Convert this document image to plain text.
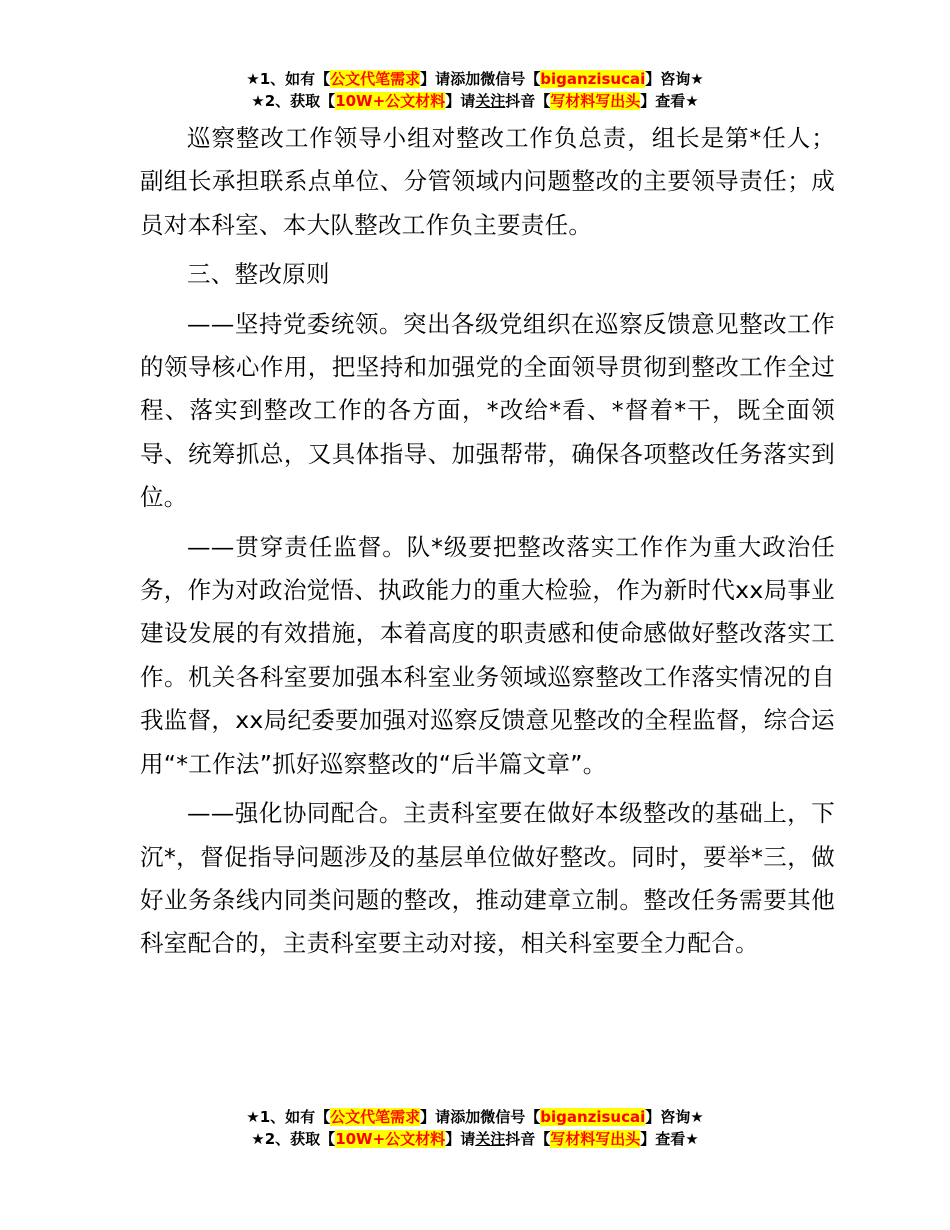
★1、如有【公文代笔需求】请添加微信号【biganzisucai】咨询★
★2、获取【10W+公文材料】请关注抖音【写材料写出头】查看★

巡察整改工作领导小组对整改工作负总责，组长是第*任人；副组长承担联系点单位、分管领域内问题整改的主要领导责任；成员对本科室、本大队整改工作负主要责任。

三、整改原则

——坚持党委统领。突出各级党组织在巡察反馈意见整改工作的领导核心作用，把坚持和加强党的全面领导贯彻到整改工作全过程、落实到整改工作的各方面，*改给*看、*督着*干，既全面领导、统筹抓总，又具体指导、加强帮带，确保各项整改任务落实到位。

——贯穿责任监督。队*级要把整改落实工作作为重大政治任务，作为对政治觉悟、执政能力的重大检验，作为新时代xx局事业建设发展的有效措施，本着高度的职责感和使命感做好整改落实工作。机关各科室要加强本科室业务领域巡察整改工作落实情况的自我监督，xx局纪委要加强对巡察反馈意见整改的全程监督，综合运用“*工作法”抓好巡察整改的“后半篇文章”。

——强化协同配合。主责科室要在做好本级整改的基础上，下沉*，督促指导问题涉及的基层单位做好整改。同时，要举*三，做好业务条线内同类问题的整改，推动建章立制。整改任务需要其他科室配合的，主责科室要主动对接，相关科室要全力配合。

★1、如有【公文代笔需求】请添加微信号【biganzisucai】咨询★
★2、获取【10W+公文材料】请关注抖音【写材料写出头】查看★
